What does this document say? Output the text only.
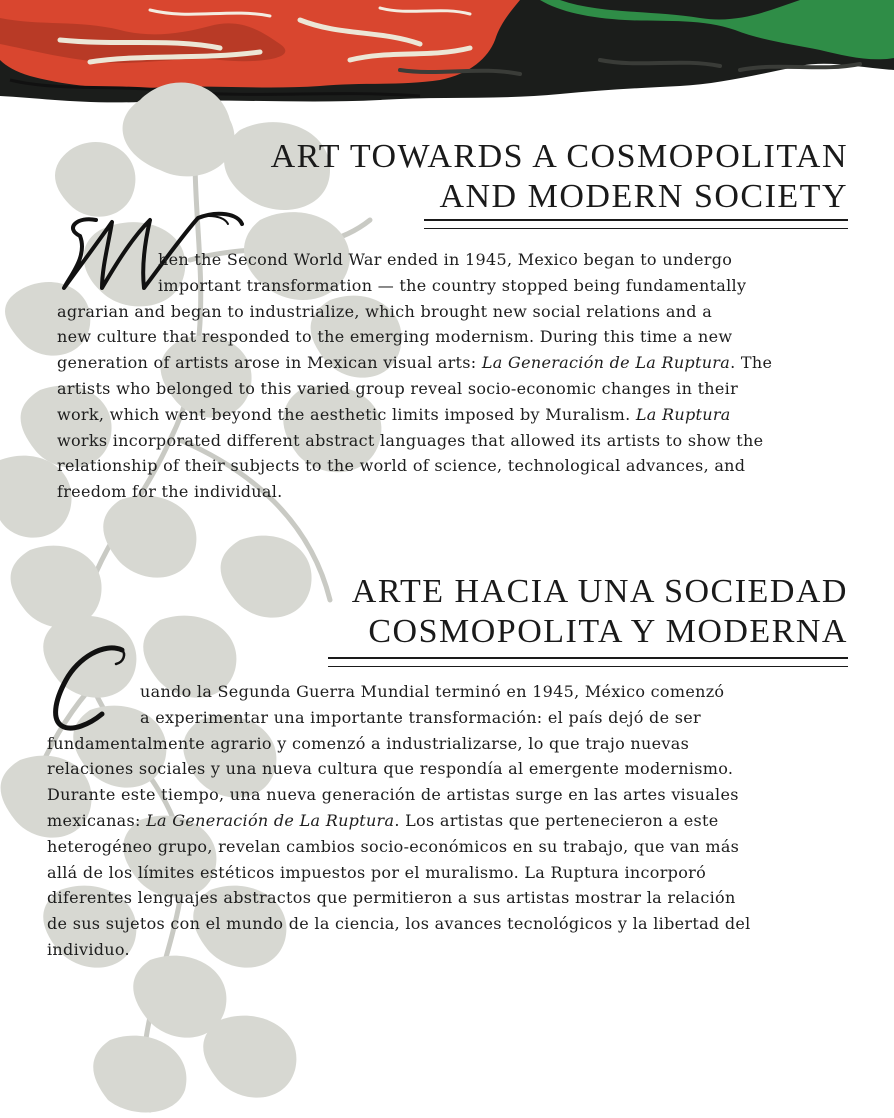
ART TOWARDS A COSMOPOLITAN
AND MODERN SOCIETY

hen the Second World War ended in 1945, Mexico began to undergo
important transformation — the country stopped being fundamentally
agrarian and began to industrialize, which brought new social relations and a
new culture that responded to the emerging modernism. During this time a new
generation of artists arose in Mexican visual arts: La Generación de La Ruptura. The
artists who belonged to this varied group reveal socio-economic changes in their
work, which went beyond the aesthetic limits imposed by Muralism. La Ruptura
works incorporated different abstract languages that allowed its artists to show the
relationship of their subjects to the world of science, technological advances, and
freedom for the individual.

ARTE HACIA UNA SOCIEDAD
COSMOPOLITA Y MODERNA

uando la Segunda Guerra Mundial terminó en 1945, México comenzó
a experimentar una importante transformación: el país dejó de ser
fundamentalmente agrario y comenzó a industrializarse, lo que trajo nuevas
relaciones sociales y una nueva cultura que respondía al emergente modernismo.
Durante este tiempo, una nueva generación de artistas surge en las artes visuales
mexicanas: La Generación de La Ruptura. Los artistas que pertenecieron a este
heterogéneo grupo, revelan cambios socio-económicos en su trabajo, que van más
allá de los límites estéticos impuestos por el muralismo. La Ruptura incorporó
diferentes lenguajes abstractos que permitieron a sus artistas mostrar la relación
de sus sujetos con el mundo de la ciencia, los avances tecnológicos y la libertad del
individuo.
